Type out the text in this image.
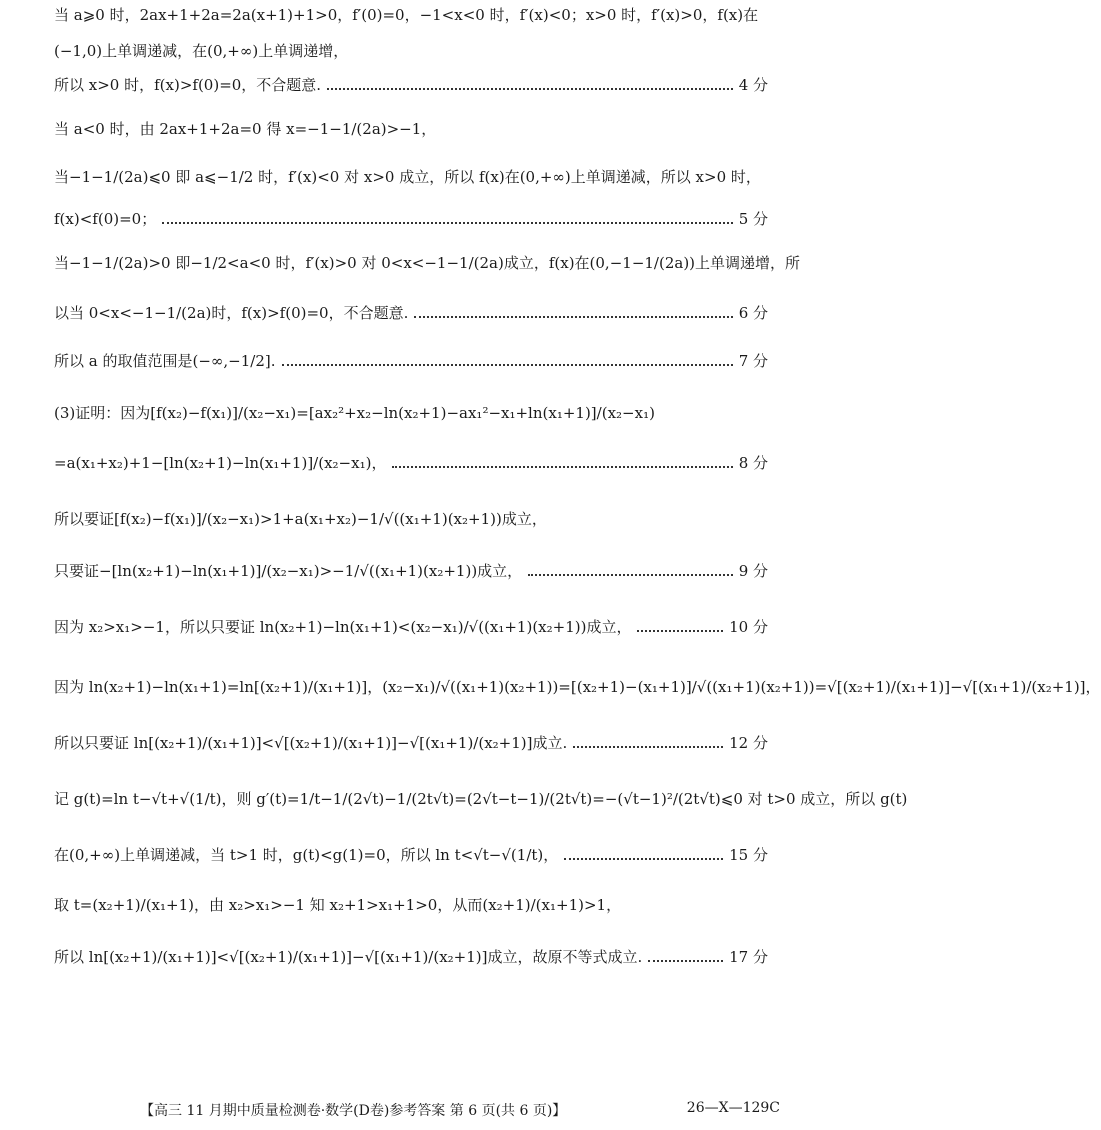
当 a⩾0 时，2ax+1+2a=2a(x+1)+1>0，f′(0)=0，−1<x<0 时，f′(x)<0；x>0 时，f′(x)>0，f(x)在
(−1,0)上单调递减，在(0,+∞)上单调递增，
所以 x>0 时，f(x)>f(0)=0，不合题意.	4 分
当 a<0 时，由 2ax+1+2a=0 得 x=−1−1/(2a)>−1，
当−1−1/(2a)⩽0 即 a⩽−1/2 时，f′(x)<0 对 x>0 成立，所以 f(x)在(0,+∞)上单调递减，所以 x>0 时，
f(x)<f(0)=0；	5 分
当−1−1/(2a)>0 即−1/2<a<0 时，f′(x)>0 对 0<x<−1−1/(2a)成立，f(x)在(0,−1−1/(2a))上单调递增，所
以当 0<x<−1−1/(2a)时，f(x)>f(0)=0，不合题意.	6 分
所以 a 的取值范围是(−∞,−1/2].	7 分
(3)证明：因为[f(x₂)−f(x₁)]/(x₂−x₁)=[ax₂²+x₂−ln(x₂+1)−ax₁²−x₁+ln(x₁+1)]/(x₂−x₁)
=a(x₁+x₂)+1−[ln(x₂+1)−ln(x₁+1)]/(x₂−x₁)，	8 分
所以要证[f(x₂)−f(x₁)]/(x₂−x₁)>1+a(x₁+x₂)−1/√((x₁+1)(x₂+1))成立，
只要证−[ln(x₂+1)−ln(x₁+1)]/(x₂−x₁)>−1/√((x₁+1)(x₂+1))成立，	9 分
因为 x₂>x₁>−1，所以只要证 ln(x₂+1)−ln(x₁+1)<(x₂−x₁)/√((x₁+1)(x₂+1))成立，	10 分
因为 ln(x₂+1)−ln(x₁+1)=ln[(x₂+1)/(x₁+1)]，(x₂−x₁)/√((x₁+1)(x₂+1))=[(x₂+1)−(x₁+1)]/√((x₁+1)(x₂+1))=√[(x₂+1)/(x₁+1)]−√[(x₁+1)/(x₂+1)]，
所以只要证 ln[(x₂+1)/(x₁+1)]<√[(x₂+1)/(x₁+1)]−√[(x₁+1)/(x₂+1)]成立.	12 分
记 g(t)=ln t−√t+√(1/t)，则 g′(t)=1/t−1/(2√t)−1/(2t√t)=(2√t−t−1)/(2t√t)=−(√t−1)²/(2t√t)⩽0 对 t>0 成立，所以 g(t)
在(0,+∞)上单调递减，当 t>1 时，g(t)<g(1)=0，所以 ln t<√t−√(1/t)，	15 分
取 t=(x₂+1)/(x₁+1)，由 x₂>x₁>−1 知 x₂+1>x₁+1>0，从而(x₂+1)/(x₁+1)>1，
所以 ln[(x₂+1)/(x₁+1)]<√[(x₂+1)/(x₁+1)]−√[(x₁+1)/(x₂+1)]成立，故原不等式成立.	17 分
【高三 11 月期中质量检测卷·数学(D卷)参考答案 第 6 页(共 6 页)】	26—X—129C
